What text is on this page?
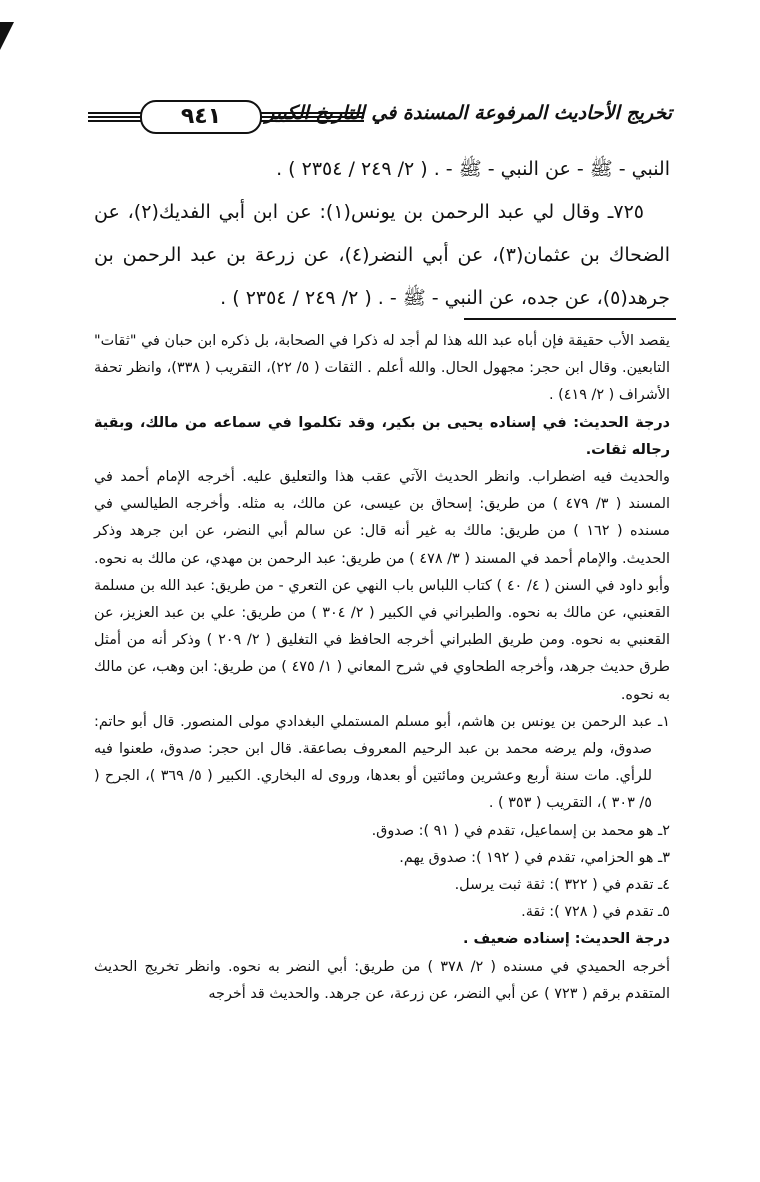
٩٤١	تخريج الأحاديث المرفوعة المسندة في التاريخ الكبير

النبي - ﷺ - عن النبي - ﷺ - . ( ٢/ ٢٤٩ / ٢٣٥٤ ) .

٧٢٥ـ وقال لي عبد الرحمن بن يونس(١): عن ابن أبي الفديك(٢)، عن الضحاك بن عثمان(٣)، عن أبي النضر(٤)، عن زرعة بن عبد الرحمن بن جرهد(٥)، عن جده، عن النبي - ﷺ - . ( ٢/ ٢٤٩ / ٢٣٥٤ ) .

يقصد الأب حقيقة فإن أباه عبد الله هذا لم أجد له ذكرا في الصحابة، بل ذكره ابن حبان في "ثقات" التابعين. وقال ابن حجر: مجهول الحال. والله أعلم . الثقات ( ٥/ ٢٢)، التقريب ( ٣٣٨)، وانظر تحفة الأشراف ( ٢/ ٤١٩) .

درجة الحديث: في إسناده يحيى بن بكير، وقد تكلموا في سماعه من مالك، وبقية رجاله ثقات.

والحديث فيه اضطراب. وانظر الحديث الآتي عقب هذا والتعليق عليه. أخرجه الإمام أحمد في المسند ( ٣/ ٤٧٩ ) من طريق: إسحاق بن عيسى، عن مالك، به مثله. وأخرجه الطيالسي في مسنده ( ١٦٢ ) من طريق: مالك به غير أنه قال: عن سالم أبي النضر، عن ابن جرهد وذكر الحديث. والإمام أحمد في المسند ( ٣/ ٤٧٨ ) من طريق: عبد الرحمن بن مهدي، عن مالك به نحوه. وأبو داود في السنن ( ٤/ ٤٠ ) كتاب اللباس باب النهي عن التعري - من طريق: عبد الله بن مسلمة القعنبي، عن مالك به نحوه. والطبراني في الكبير ( ٢/ ٣٠٤ ) من طريق: علي بن عبد العزيز، عن القعنبي به نحوه. ومن طريق الطبراني أخرجه الحافظ في التغليق ( ٢/ ٢٠٩ ) وذكر أنه من أمثل طرق حديث جرهد، وأخرجه الطحاوي في شرح المعاني ( ١/ ٤٧٥ ) من طريق: ابن وهب، عن مالك به نحوه.

١ـ عبد الرحمن بن يونس بن هاشم، أبو مسلم المستملي البغدادي مولى المنصور. قال أبو حاتم: صدوق، ولم يرضه محمد بن عبد الرحيم المعروف بصاعقة. قال ابن حجر: صدوق، طعنوا فيه للرأي. مات سنة أربع وعشرين ومائتين أو بعدها، وروى له البخاري. الكبير ( ٥/ ٣٦٩ )، الجرح ( ٥/ ٣٠٣ )، التقريب ( ٣٥٣ ) .

٢ـ هو محمد بن إسماعيل، تقدم في ( ٩١ ): صدوق.

٣ـ هو الحزامي، تقدم في ( ١٩٢ ): صدوق يهم.

٤ـ تقدم في ( ٣٢٢ ): ثقة ثبت يرسل.

٥ـ تقدم في ( ٧٢٨ ): ثقة.

درجة الحديث: إسناده ضعيف .

أخرجه الحميدي في مسنده ( ٢/ ٣٧٨ ) من طريق: أبي النضر به نحوه. وانظر تخريج الحديث المتقدم برقم ( ٧٢٣ ) عن أبي النضر، عن زرعة، عن جرهد. والحديث قد أخرجه
